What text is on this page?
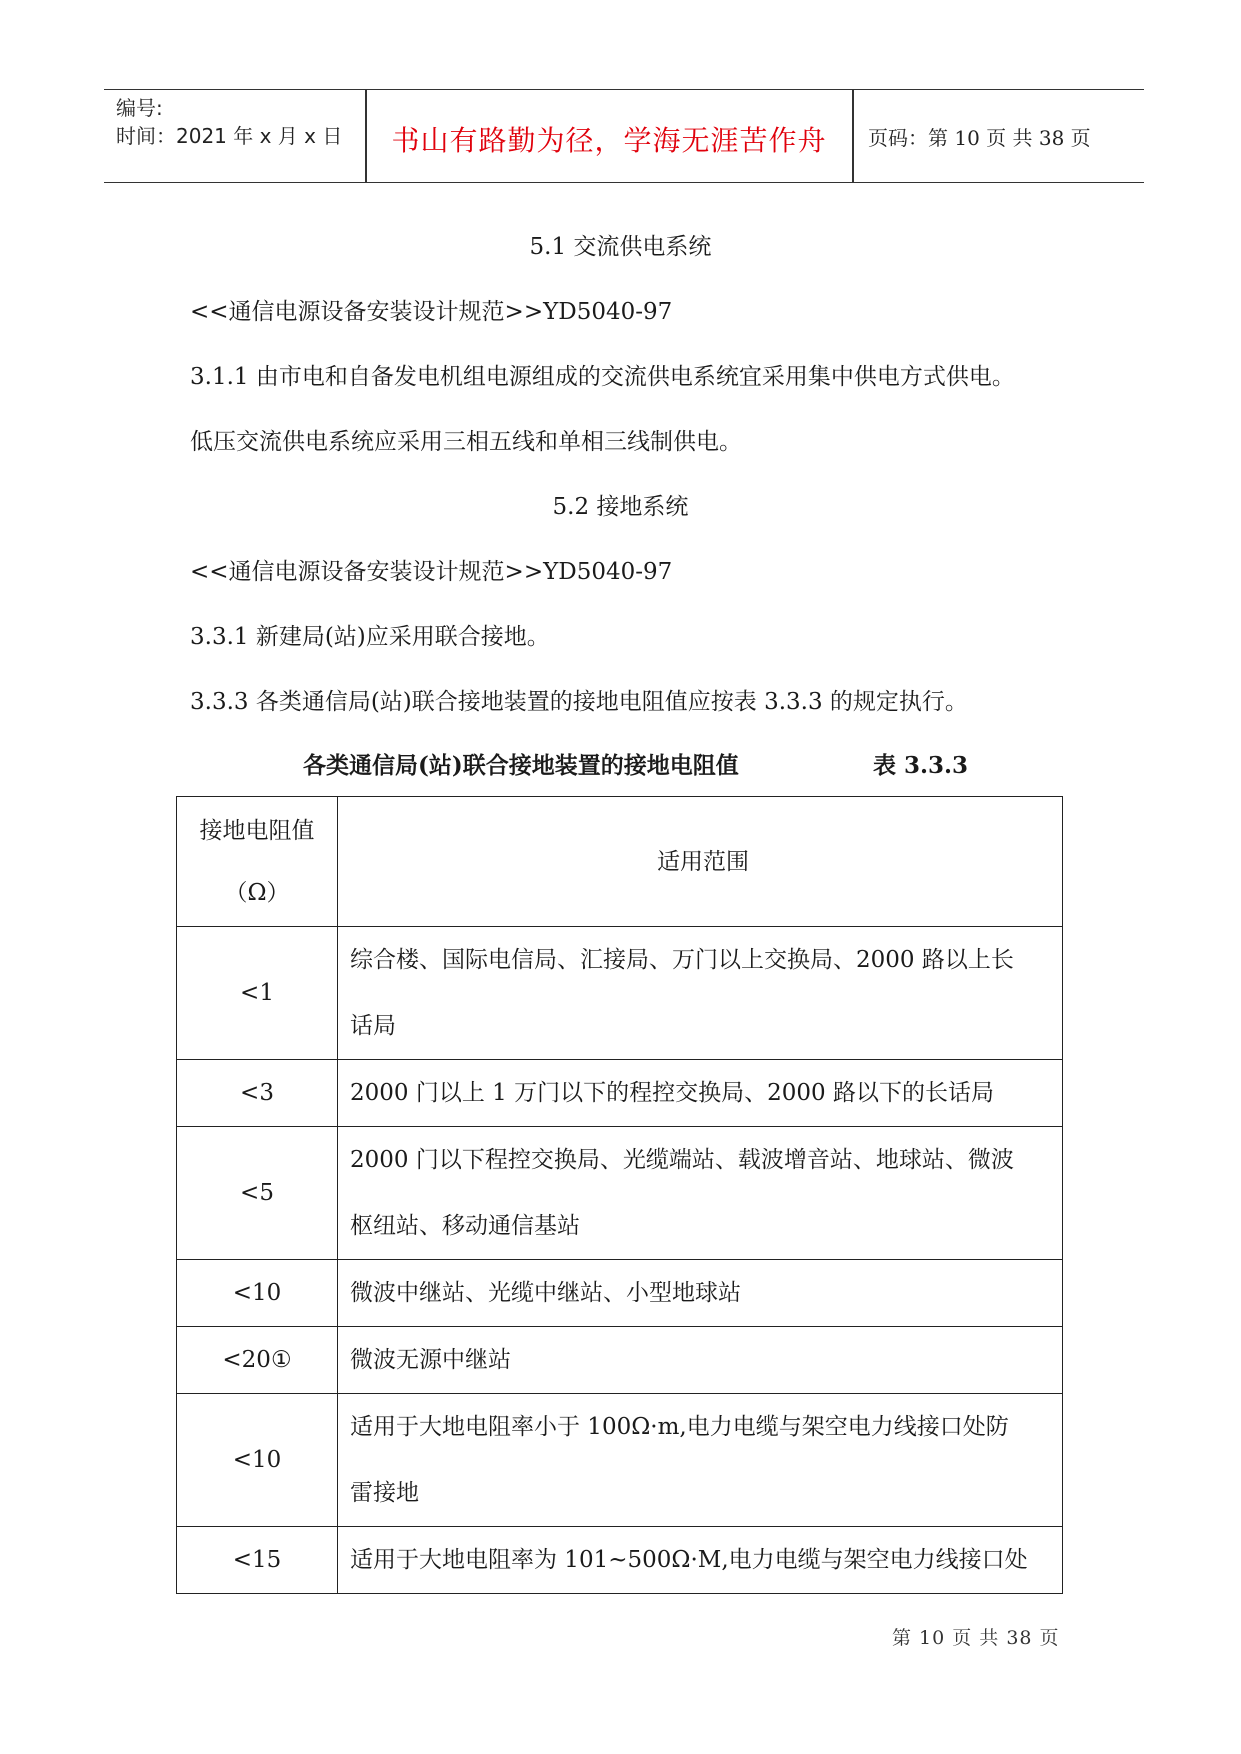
编号:
时间：2021 年 x 月 x 日	书山有路勤为径，学海无涯苦作舟	页码：第 10 页 共 38 页
5.1 交流供电系统
<<通信电源设备安装设计规范>>YD5040-97
3.1.1 由市电和自备发电机组电源组成的交流供电系统宜采用集中供电方式供电。
低压交流供电系统应采用三相五线和单相三线制供电。
5.2 接地系统
<<通信电源设备安装设计规范>>YD5040-97
3.3.1 新建局(站)应采用联合接地。
3.3.3 各类通信局(站)联合接地装置的接地电阻值应按表 3.3.3 的规定执行。
各类通信局(站)联合接地装置的接地电阻值	表 3.3.3
接地电阻值
（Ω）	适用范围
<1	综合楼、国际电信局、汇接局、万门以上交换局、2000 路以上长
话局

<3	2000 门以上 1 万门以下的程控交换局、2000 路以下的长话局

<5	2000 门以下程控交换局、光缆端站、载波增音站、地球站、微波
枢纽站、移动通信基站

<10	微波中继站、光缆中继站、小型地球站

<20①	微波无源中继站

<10	适用于大地电阻率小于 100Ω·m,电力电缆与架空电力线接口处防
雷接地

<15	适用于大地电阻率为 101~500Ω·M,电力电缆与架空电力线接口处
第 10 页 共 38 页
